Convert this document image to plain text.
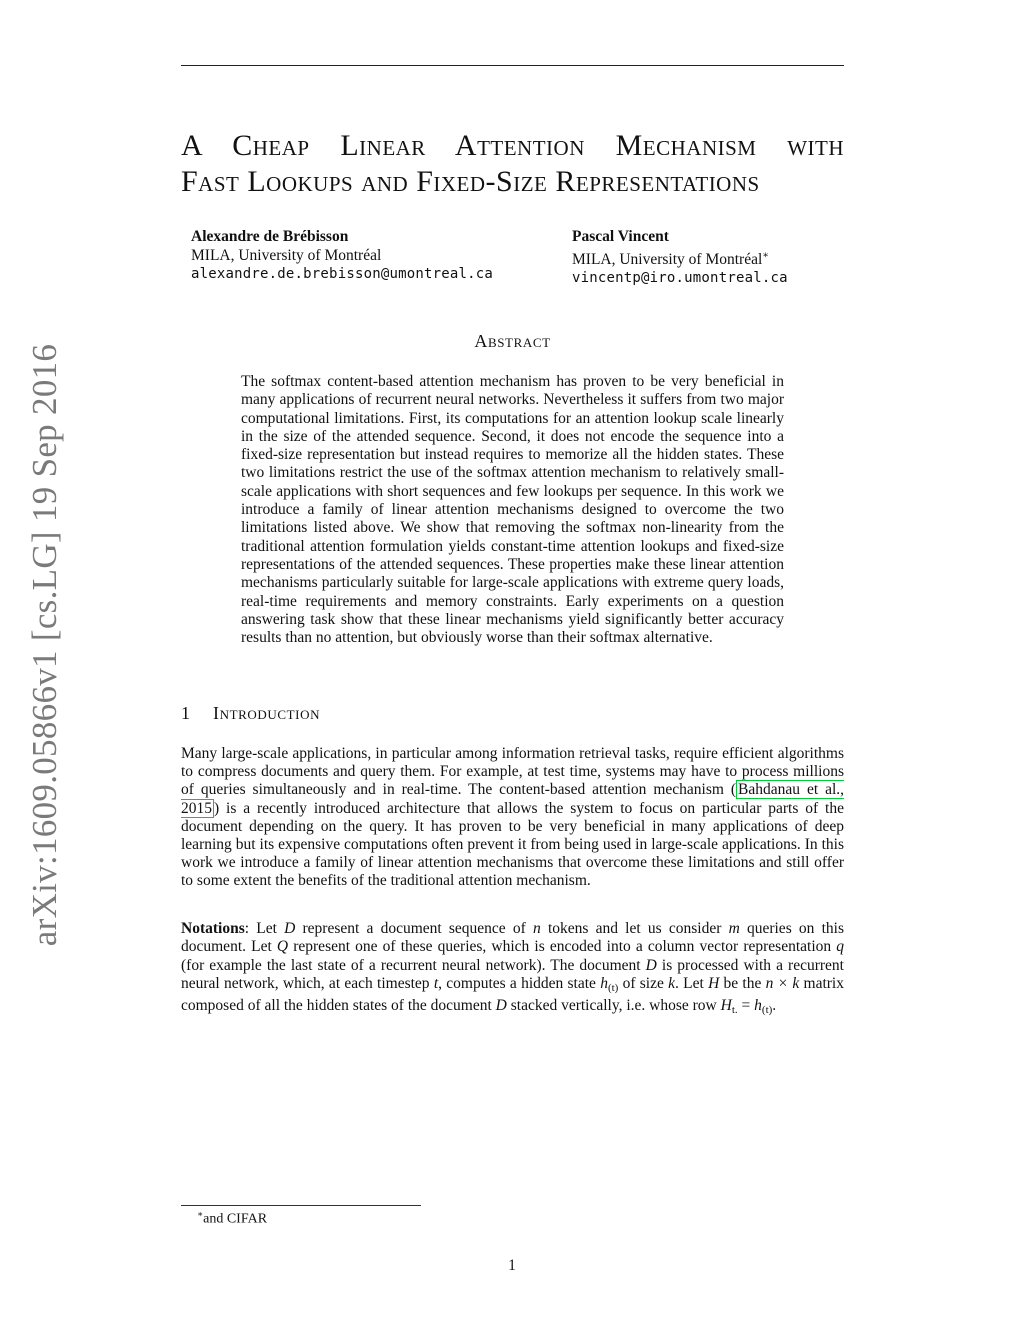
A Cheap Linear Attention Mechanism with
Fast Lookups and Fixed-Size Representations
Alexandre de Brébisson
MILA, University of Montréal
alexandre.de.brebisson@umontreal.ca
Pascal Vincent
MILA, University of Montréal∗
vincentp@iro.umontreal.ca
arXiv:1609.05866v1 [cs.LG] 19 Sep 2016
Abstract
The softmax content-based attention mechanism has proven to be very beneficial in many applications of recurrent neural networks. Nevertheless it suffers from two major computational limitations. First, its computations for an attention lookup scale linearly in the size of the attended sequence. Second, it does not encode the sequence into a fixed-size representation but instead requires to memorize all the hidden states. These two limitations restrict the use of the softmax attention mechanism to relatively small-scale applications with short sequences and few lookups per sequence. In this work we introduce a family of linear attention mechanisms designed to overcome the two limitations listed above. We show that removing the softmax non-linearity from the traditional attention formulation yields constant-time attention lookups and fixed-size representations of the attended sequences. These properties make these linear attention mechanisms particularly suitable for large-scale applications with extreme query loads, real-time requirements and memory constraints. Early experiments on a question answering task show that these linear mechanisms yield significantly better accuracy results than no attention, but obviously worse than their softmax alternative.
1 Introduction
Many large-scale applications, in particular among information retrieval tasks, require efficient algorithms to compress documents and query them. For example, at test time, systems may have to process millions of queries simultaneously and in real-time. The content-based attention mechanism ( Bahdanau et al., 2015 ) is a recently introduced architecture that allows the system to focus on particular parts of the document depending on the query. It has proven to be very beneficial in many applications of deep learning but its expensive computations often prevent it from being used in large-scale applications. In this work we introduce a family of linear attention mechanisms that overcome these limitations and still offer to some extent the benefits of the traditional attention mechanism.
Notations: Let D represent a document sequence of n tokens and let us consider m queries on this document. Let Q represent one of these queries, which is encoded into a column vector representation q (for example the last state of a recurrent neural network). The document D is processed with a recurrent neural network, which, at each timestep t, computes a hidden state $h_{(t)}$ of size k. Let H be the n × k matrix composed of all the hidden states of the document D stacked vertically, i.e. whose row $H_{t.} = h_{(t)}$.
∗and CIFAR
1
